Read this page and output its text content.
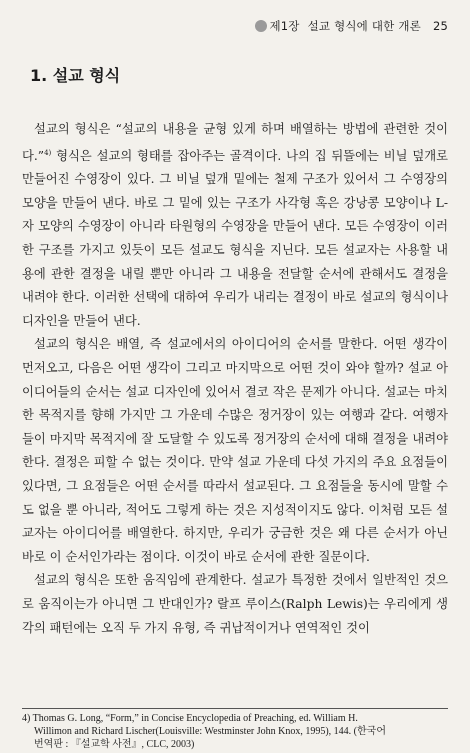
제1장 설교 형식에 대한 개론 25
1. 설교 형식

설교의 형식은 “설교의 내용을 균형 있게 하며 배열하는 방법에 관련한 것이다.”$^{4)}$ 형식은 설교의 형태를 잡아주는 골격이다. 나의 집 뒤뜰에는 비닐 덮개로 만들어진 수영장이 있다. 그 비닐 덮개 밑에는 철제 구조가 있어서 그 수영장의 모양을 만들어 낸다. 바로 그 밑에 있는 구조가 사각형 혹은 강낭콩 모양이나 L-자 모양의 수영장이 아니라 타원형의 수영장을 만들어 낸다. 모든 수영장이 이러한 구조를 가지고 있듯이 모든 설교도 형식을 지닌다. 모든 설교자는 사용할 내용에 관한 결정을 내릴 뿐만 아니라 그 내용을 전달할 순서에 관해서도 결정을 내려야 한다. 이러한 선택에 대하여 우리가 내리는 결정이 바로 설교의 형식이나 디자인을 만들어 낸다.

설교의 형식은 배열, 즉 설교에서의 아이디어의 순서를 말한다. 어떤 생각이 먼저오고, 다음은 어떤 생각이 그리고 마지막으로 어떤 것이 와야 할까? 설교 아이디어들의 순서는 설교 디자인에 있어서 결코 작은 문제가 아니다. 설교는 마치 한 목적지를 향해 가지만 그 가운데 수많은 정거장이 있는 여행과 같다. 여행자들이 마지막 목적지에 잘 도달할 수 있도록 정거장의 순서에 대해 결정을 내려야 한다. 결정은 피할 수 없는 것이다. 만약 설교 가운데 다섯 가지의 주요 요점들이 있다면, 그 요점들은 어떤 순서를 따라서 설교된다. 그 요점들을 동시에 말할 수도 없을 뿐 아니라, 적어도 그렇게 하는 것은 지성적이지도 않다. 이처럼 모든 설교자는 아이디어를 배열한다. 하지만, 우리가 궁금한 것은 왜 다른 순서가 아닌 바로 이 순서인가라는 점이다. 이것이 바로 순서에 관한 질문이다.

설교의 형식은 또한 움직임에 관계한다. 설교가 특정한 것에서 일반적인 것으로 움직이는가 아니면 그 반대인가? 랄프 루이스(Ralph Lewis)는 우리에게 생각의 패턴에는 오직 두 가지 유형, 즉 귀납적이거나 연역적인 것이

4) Thomas G. Long, “Form,” in Concise Encyclopedia of Preaching, ed. William H.
Willimon and Richard Lischer(Louisville: Westminster John Knox, 1995), 144. (한국어
번역판 : 『설교학 사전』, CLC, 2003)
